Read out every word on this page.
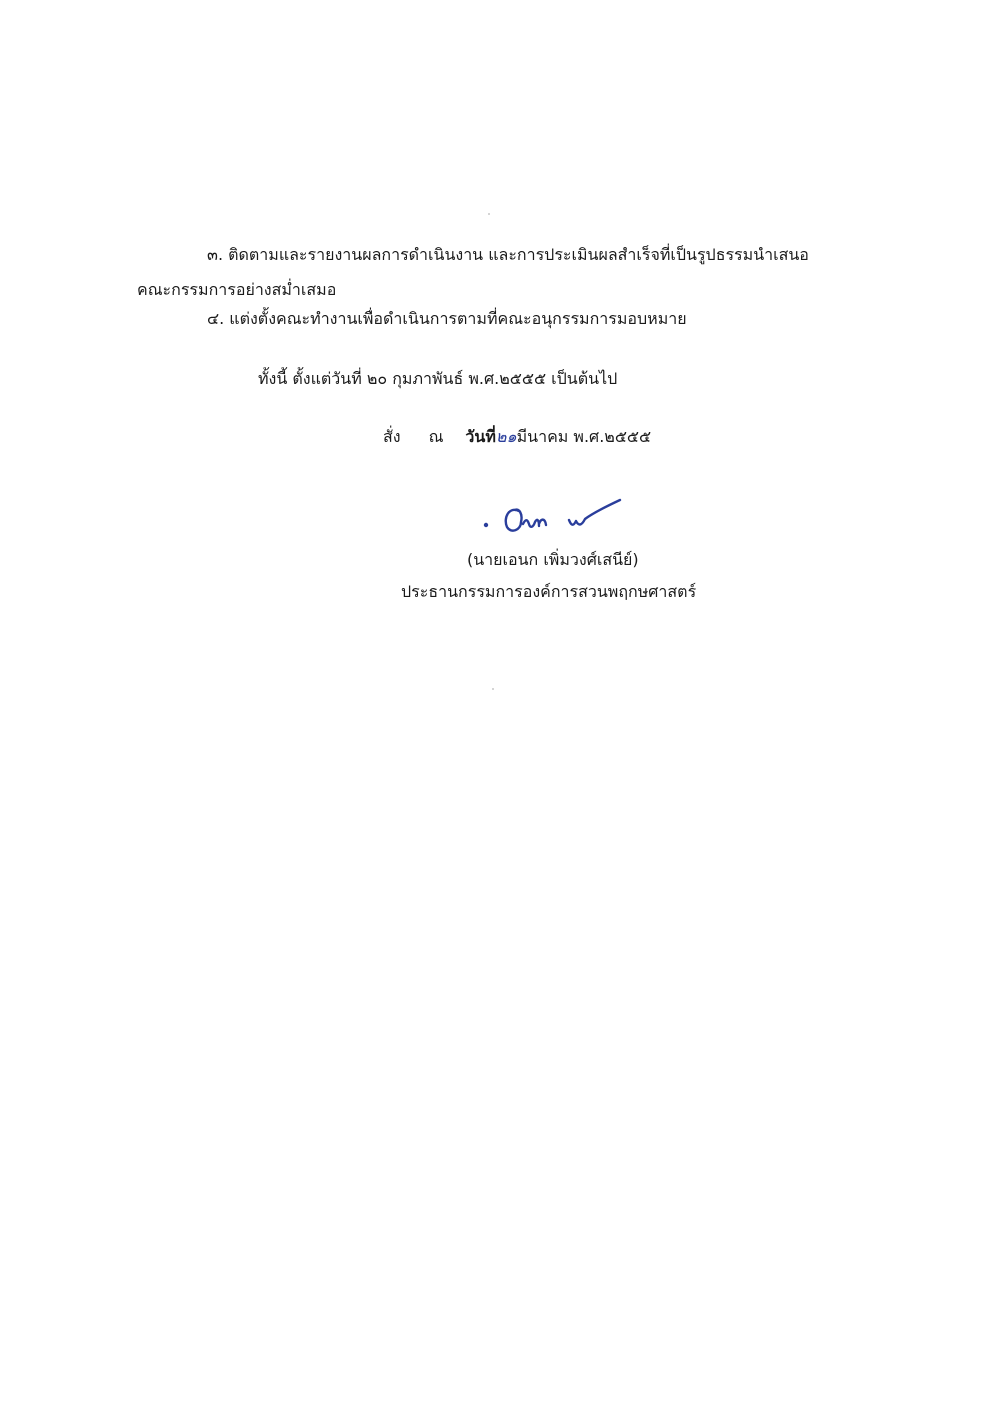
๓. ติดตามและรายงานผลการดำเนินงาน และการประเมินผลสำเร็จที่เป็นรูปธรรมนำเสนอ
คณะกรรมการอย่างสม่ำเสมอ
๔. แต่งตั้งคณะทำงานเพื่อดำเนินการตามที่คณะอนุกรรมการมอบหมาย
ทั้งนี้ ตั้งแต่วันที่ ๒๐ กุมภาพันธ์ พ.ศ.๒๕๕๕ เป็นต้นไป
สั่ง ณ วันที่๒๑มีนาคม พ.ศ.๒๕๕๕
(นายเอนก เพิ่มวงศ์เสนีย์)
ประธานกรรมการองค์การสวนพฤกษศาสตร์
